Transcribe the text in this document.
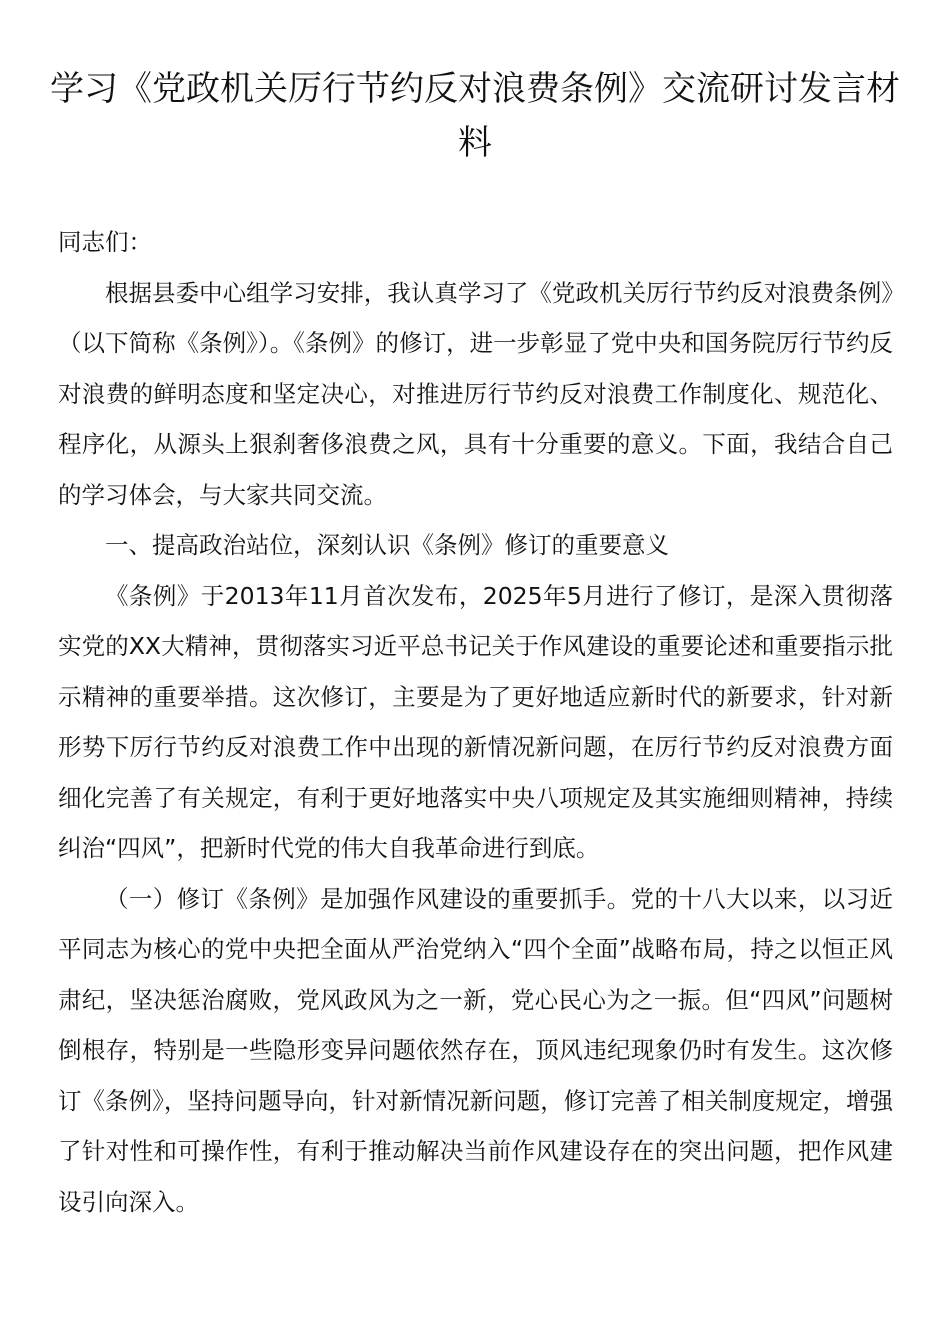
学习《党政机关厉行节约反对浪费条例》交流研讨发言材料

同志们：

根据县委中心组学习安排，我认真学习了《党政机关厉行节约反对浪费条例》（以下简称《条例》）。《条例》的修订，进一步彰显了党中央和国务院厉行节约反对浪费的鲜明态度和坚定决心，对推进厉行节约反对浪费工作制度化、规范化、程序化，从源头上狠刹奢侈浪费之风，具有十分重要的意义。下面，我结合自己的学习体会，与大家共同交流。

一、提高政治站位，深刻认识《条例》修订的重要意义

《条例》于2013年11月首次发布，2025年5月进行了修订，是深入贯彻落实党的XX大精神，贯彻落实习近平总书记关于作风建设的重要论述和重要指示批示精神的重要举措。这次修订，主要是为了更好地适应新时代的新要求，针对新形势下厉行节约反对浪费工作中出现的新情况新问题，在厉行节约反对浪费方面细化完善了有关规定，有利于更好地落实中央八项规定及其实施细则精神，持续纠治“四风”，把新时代党的伟大自我革命进行到底。

（一）修订《条例》是加强作风建设的重要抓手。党的十八大以来，以习近平同志为核心的党中央把全面从严治党纳入“四个全面”战略布局，持之以恒正风肃纪，坚决惩治腐败，党风政风为之一新，党心民心为之一振。但“四风”问题树倒根存，特别是一些隐形变异问题依然存在，顶风违纪现象仍时有发生。这次修订《条例》，坚持问题导向，针对新情况新问题，修订完善了相关制度规定，增强了针对性和可操作性，有利于推动解决当前作风建设存在的突出问题，把作风建设引向深入。
